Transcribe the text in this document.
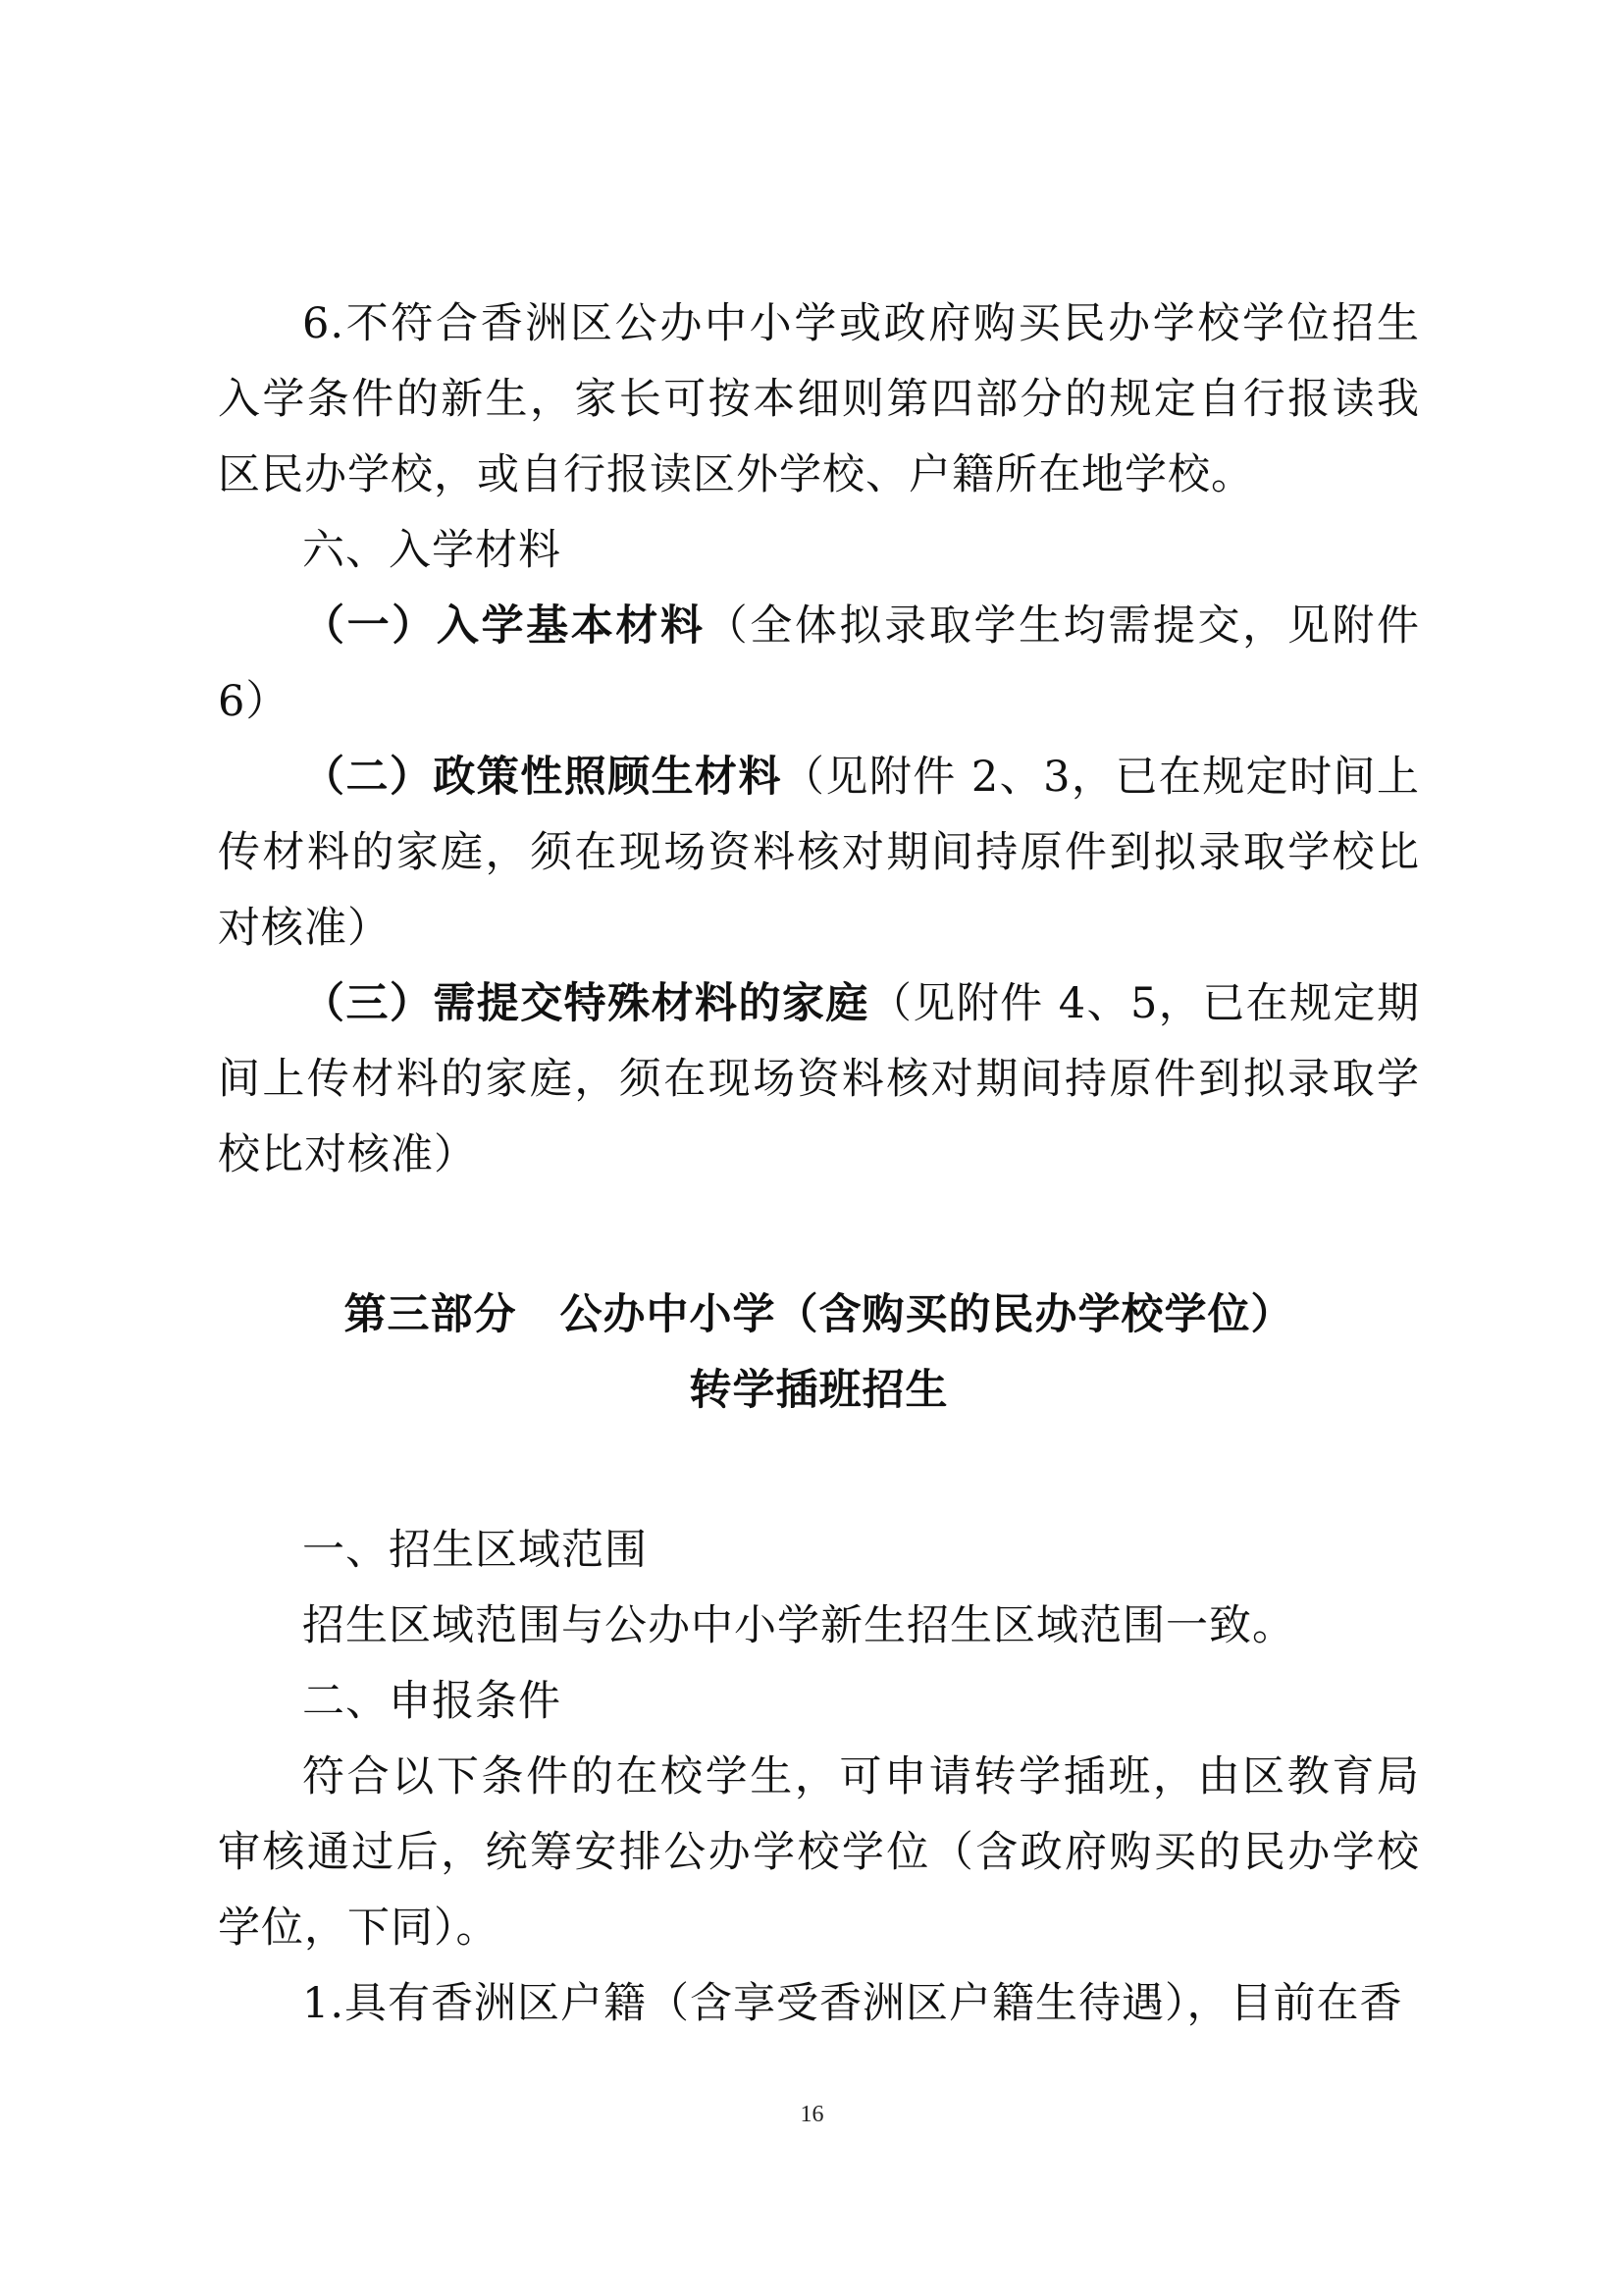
6.不符合香洲区公办中小学或政府购买民办学校学位招生入学条件的新生，家长可按本细则第四部分的规定自行报读我区民办学校，或自行报读区外学校、户籍所在地学校。

六、入学材料

（一）入学基本材料（全体拟录取学生均需提交，见附件 6）

（二）政策性照顾生材料（见附件 2、3，已在规定时间上传材料的家庭，须在现场资料核对期间持原件到拟录取学校比对核准）

（三）需提交特殊材料的家庭（见附件 4、5，已在规定期间上传材料的家庭，须在现场资料核对期间持原件到拟录取学校比对核准）

第三部分　公办中小学（含购买的民办学校学位）
转学插班招生

一、招生区域范围

招生区域范围与公办中小学新生招生区域范围一致。

二、申报条件

符合以下条件的在校学生，可申请转学插班，由区教育局审核通过后，统筹安排公办学校学位（含政府购买的民办学校学位，下同）。

1.具有香洲区户籍（含享受香洲区户籍生待遇），目前在香

16
